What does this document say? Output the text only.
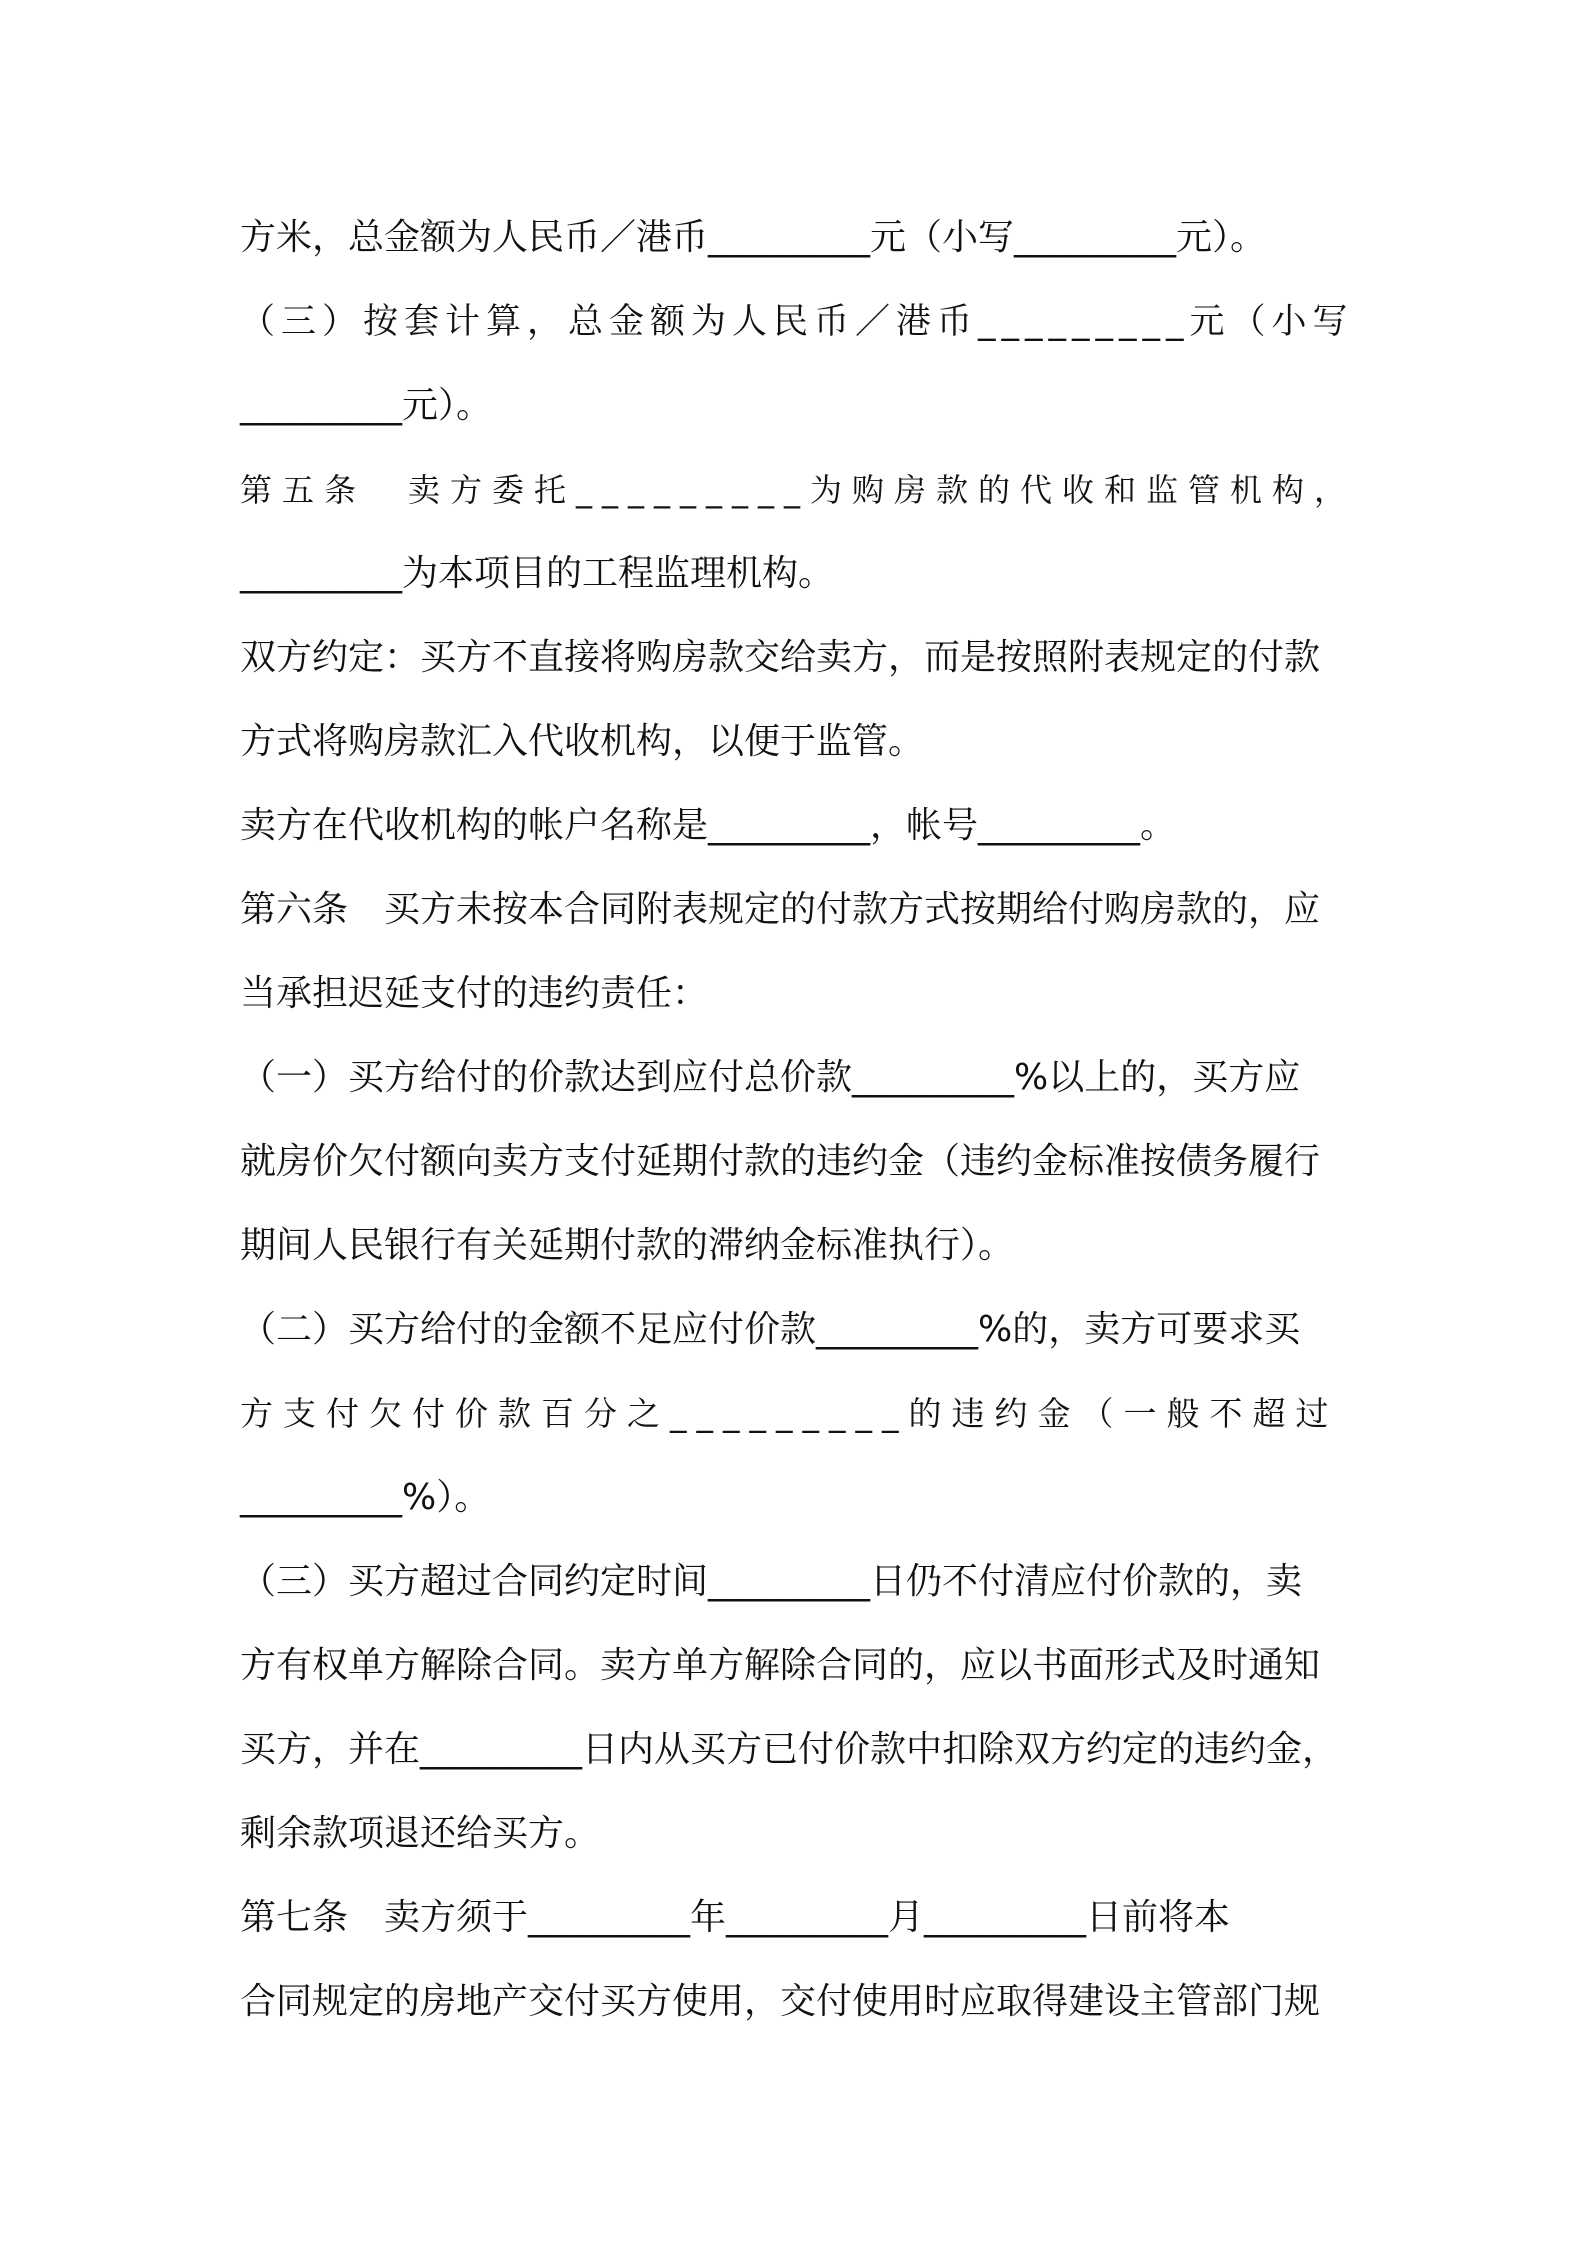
方米，总金额为人民币／港币_________元（小写_________元）。
（三）按套计算，总金额为人民币／港币_________元（小写
_________元）。
第五条　卖方委托_________为购房款的代收和监管机构，
_________为本项目的工程监理机构。
双方约定：买方不直接将购房款交给卖方，而是按照附表规定的付款
方式将购房款汇入代收机构，以便于监管。
卖方在代收机构的帐户名称是_________，帐号_________。
第六条　买方未按本合同附表规定的付款方式按期给付购房款的，应
当承担迟延支付的违约责任：
（一）买方给付的价款达到应付总价款_________%以上的，买方应
就房价欠付额向卖方支付延期付款的违约金（违约金标准按债务履行
期间人民银行有关延期付款的滞纳金标准执行）。
（二）买方给付的金额不足应付价款_________%的，卖方可要求买
方支付欠付价款百分之_________的违约金（一般不超过
_________%）。
（三）买方超过合同约定时间_________日仍不付清应付价款的，卖
方有权单方解除合同。卖方单方解除合同的，应以书面形式及时通知
买方，并在_________日内从买方已付价款中扣除双方约定的违约金，
剩余款项退还给买方。
第七条　卖方须于_________年_________月_________日前将本
合同规定的房地产交付买方使用，交付使用时应取得建设主管部门规
